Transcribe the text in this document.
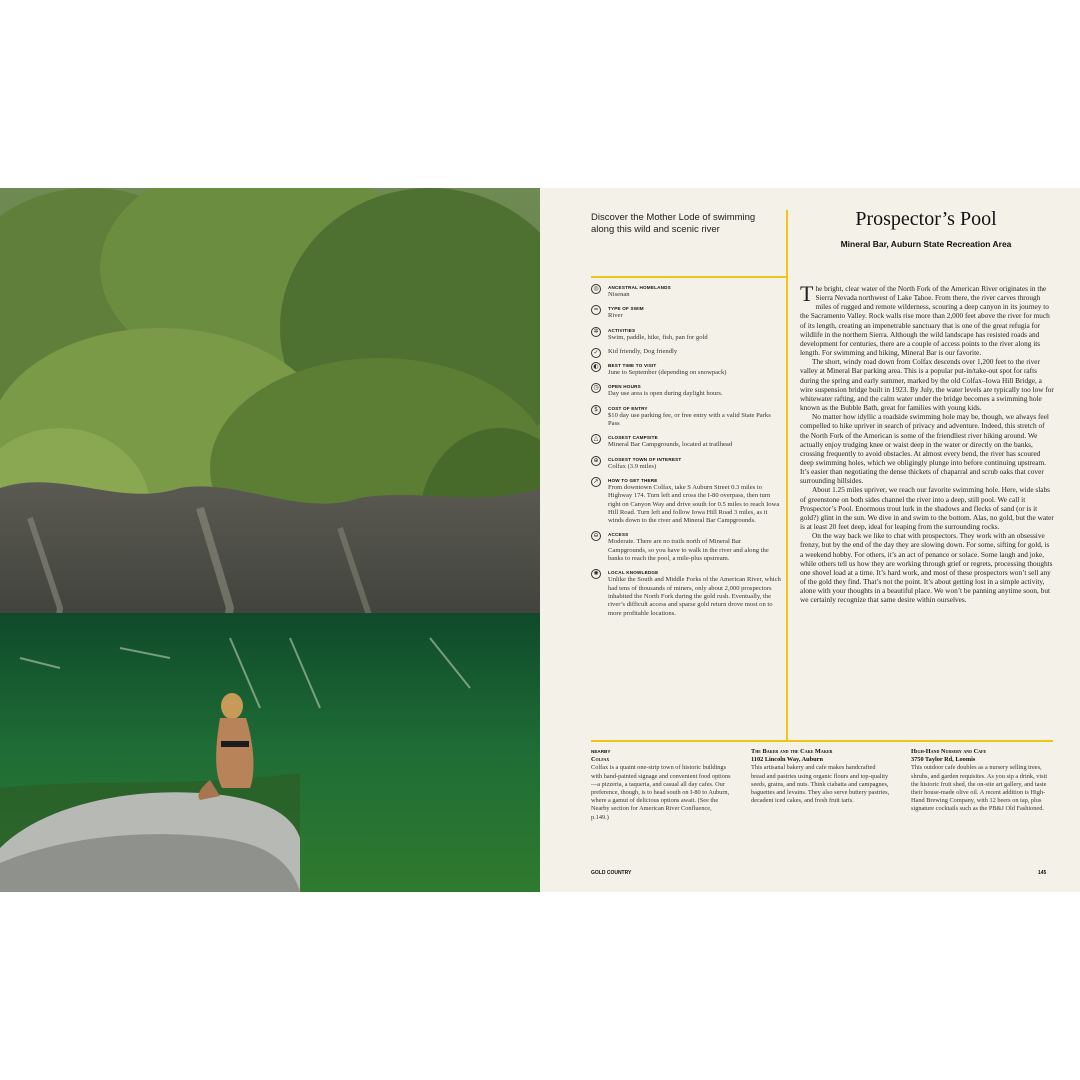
Discover the Mother Lode of swimming along this wild and scenic river	Prospector’s Pool
Mineral Bar, Auburn State Recreation Area
◎	ANCESTRAL HOMELANDS
Nisenan
≈	TYPE OF SWIM
River
✲	ACTIVITIES
Swim, paddle, hike, fish, pan for gold
✓	Kid friendly, Dog friendly
◐	BEST TIME TO VISIT
June to September (depending on snowpack)
◷	OPEN HOURS
Day use area is open during daylight hours.
$	COST OF ENTRY
$10 day use parking fee, or free entry with a valid State Parks Pass
△	CLOSEST CAMPSITE
Mineral Bar Campgrounds, located at trailhead
⊕	CLOSEST TOWN OF INTEREST
Colfax (3.9 miles)
↗	HOW TO GET THERE
From downtown Colfax, take S Auburn Street 0.3 miles to Highway 174. Turn left and cross the I-80 overpass, then turn right on Canyon Way and drive south for 0.5 miles to reach Iowa Hill Road. Turn left and follow Iowa Hill Road 3 miles, as it winds down to the river and Mineral Bar Campgrounds.
⊖	ACCESS
Moderate. There are no trails north of Mineral Bar Campgrounds, so you have to walk in the river and along the banks to reach the pool, a mile-plus upstream.
✺	LOCAL KNOWLEDGE
Unlike the South and Middle Forks of the American River, which had tens of thousands of miners, only about 2,000 prospectors inhabited the North Fork during the gold rush. Eventually, the river’s difficult access and sparse gold return drove most on to more profitable locations.

The bright, clear water of the North Fork of the American River originates in the Sierra Nevada northwest of Lake Tahoe. From there, the river carves through miles of rugged and remote wilderness, scouring a deep canyon in its journey to the Sacramento Valley. Rock walls rise more than 2,000 feet above the river for much of its length, creating an impenetrable sanctuary that is one of the great refugia for wildlife in the northern Sierra. Although the wild landscape has resisted roads and development for centuries, there are a couple of access points to the river along its length. For swimming and hiking, Mineral Bar is our favorite.

The short, windy road down from Colfax descends over 1,200 feet to the river valley at Mineral Bar parking area. This is a popular put-in/take-out spot for rafts during the spring and early summer, marked by the old Colfax–Iowa Hill Bridge, a wire suspension bridge built in 1923. By July, the water levels are typically too low for whitewater rafting, and the calm water under the bridge becomes a swimming hole known as the Bubble Bath, great for families with young kids.

No matter how idyllic a roadside swimming hole may be, though, we always feel compelled to hike upriver in search of privacy and adventure. Indeed, this stretch of the North Fork of the American is some of the friendliest river hiking around. We actually enjoy trudging knee or waist deep in the water or directly on the banks, crossing frequently to avoid obstacles. At almost every bend, the river has scoured deep swimming holes, which we obligingly plunge into before continuing upstream. It’s easier than negotiating the dense thickets of chaparral and scrub oaks that cover surrounding hillsides.

About 1.25 miles upriver, we reach our favorite swimming hole. Here, wide slabs of greenstone on both sides channel the river into a deep, still pool. We call it Prospector’s Pool. Enormous trout lurk in the shadows and flecks of sand (or is it gold?) glint in the sun. We dive in and swim to the bottom. Alas, no gold, but the water is at least 20 feet deep, ideal for leaping from the surrounding rocks.

On the way back we like to chat with prospectors. They work with an obsessive frenzy, but by the end of the day they are slowing down. For some, sifting for gold, is a weekend hobby. For others, it’s an act of penance or solace. Some laugh and joke, while others tell us how they are working through grief or regrets, processing thoughts one shovel load at a time. It’s hard work, and most of these prospectors won’t sell any of the gold they find. That’s not the point. It’s about getting lost in a simple activity, alone with your thoughts in a beautiful place. We won’t be panning anytime soon, but we certainly recognize that same desire within ourselves.

NEARBY
Colfax
Colfax is a quaint one-strip town of historic buildings with hand-painted signage and convenient food options—a pizzeria, a taqueria, and casual all day cafes. Our preference, though, is to head south on I-80 to Auburn, where a gamut of delicious options await. (See the Nearby section for American River Confluence, p.149.)
The Baker and the Cake Maker
1102 Lincoln Way, Auburn
This artisanal bakery and cafe makes handcrafted bread and pastries using organic flours and top-quality seeds, grains, and nuts. Think ciabatta and campagnes, baguettes and levains. They also serve buttery pastries, decadent iced cakes, and fresh fruit tarts.
High-Hand Nursery and Cafe
3750 Taylor Rd, Loomis
This outdoor cafe doubles as a nursery selling trees, shrubs, and garden requisites. As you sip a drink, visit the historic fruit shed, the on-site art gallery, and taste their house-made olive oil. A recent addition is High-Hand Brewing Company, with 12 beers on tap, plus signature cocktails such as the PB&J Old Fashioned.
GOLD COUNTRY	145
